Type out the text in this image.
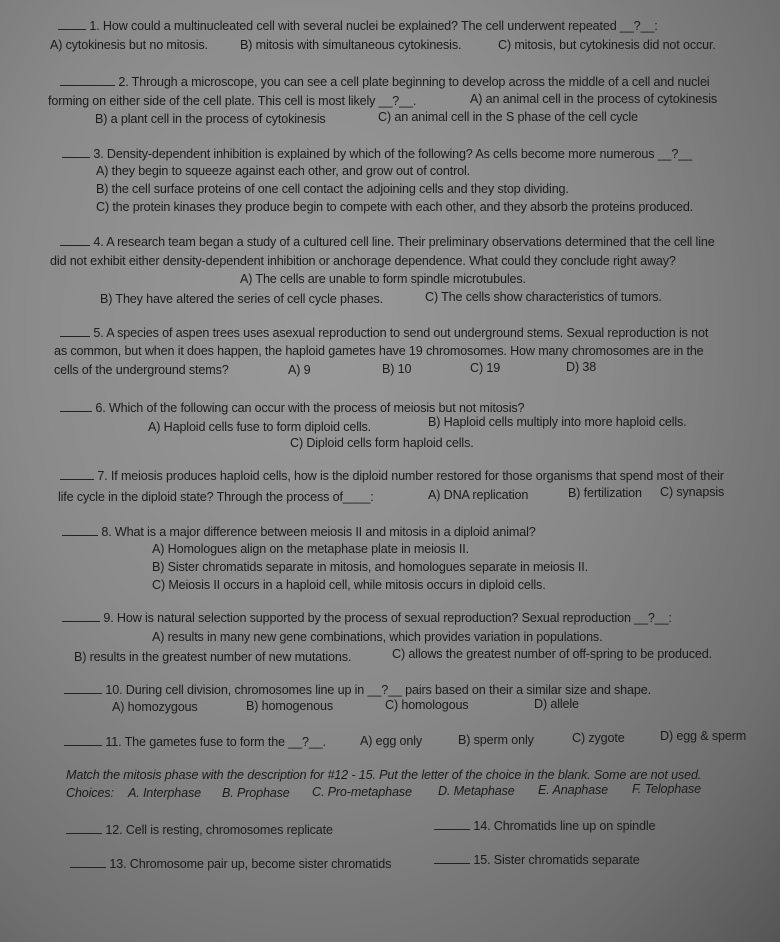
1. How could a multinucleated cell with several nuclei be explained? The cell underwent repeated __?__:
A) cytokinesis but no mitosis.	B) mitosis with simultaneous cytokinesis.	C) mitosis, but cytokinesis did not occur.
2. Through a microscope, you can see a cell plate beginning to develop across the middle of a cell and nuclei
forming on either side of the cell plate. This cell is most likely __?__.	A) an animal cell in the process of cytokinesis
B) a plant cell in the process of cytokinesis	C) an animal cell in the S phase of the cell cycle
3. Density-dependent inhibition is explained by which of the following? As cells become more numerous __?__
A) they begin to squeeze against each other, and grow out of control.
B) the cell surface proteins of one cell contact the adjoining cells and they stop dividing.
C) the protein kinases they produce begin to compete with each other, and they absorb the proteins produced.
4. A research team began a study of a cultured cell line. Their preliminary observations determined that the cell line
did not exhibit either density-dependent inhibition or anchorage dependence. What could they conclude right away?
A) The cells are unable to form spindle microtubules.
B) They have altered the series of cell cycle phases.	C) The cells show characteristics of tumors.
5. A species of aspen trees uses asexual reproduction to send out underground stems. Sexual reproduction is not
as common, but when it does happen, the haploid gametes have 19 chromosomes. How many chromosomes are in the
cells of the underground stems?	A) 9	B) 10	C) 19	D) 38
6. Which of the following can occur with the process of meiosis but not mitosis?
A) Haploid cells fuse to form diploid cells.	B) Haploid cells multiply into more haploid cells.
C) Diploid cells form haploid cells.
7. If meiosis produces haploid cells, how is the diploid number restored for those organisms that spend most of their
life cycle in the diploid state? Through the process of____:	A) DNA replication	B) fertilization C) synapsis
8. What is a major difference between meiosis II and mitosis in a diploid animal?
A) Homologues align on the metaphase plate in meiosis II.
B) Sister chromatids separate in mitosis, and homologues separate in meiosis II.
C) Meiosis II occurs in a haploid cell, while mitosis occurs in diploid cells.
9. How is natural selection supported by the process of sexual reproduction? Sexual reproduction __?__:
A) results in many new gene combinations, which provides variation in populations.
B) results in the greatest number of new mutations.	C) allows the greatest number of off-spring to be produced.
10. During cell division, chromosomes line up in __?__ pairs based on their a similar size and shape.
A) homozygous	B) homogenous	C) homologous	D) allele
11. The gametes fuse to form the __?__.	A) egg only	B) sperm only	C) zygote	D) egg & sperm
Match the mitosis phase with the description for #12 - 15. Put the letter of the choice in the blank. Some are not used.
Choices: A. Interphase B. Prophase C. Pro-metaphase D. Metaphase E. Anaphase F. Telophase
12. Cell is resting, chromosomes replicate	14. Chromatids line up on spindle
13. Chromosome pair up, become sister chromatids	15. Sister chromatids separate
